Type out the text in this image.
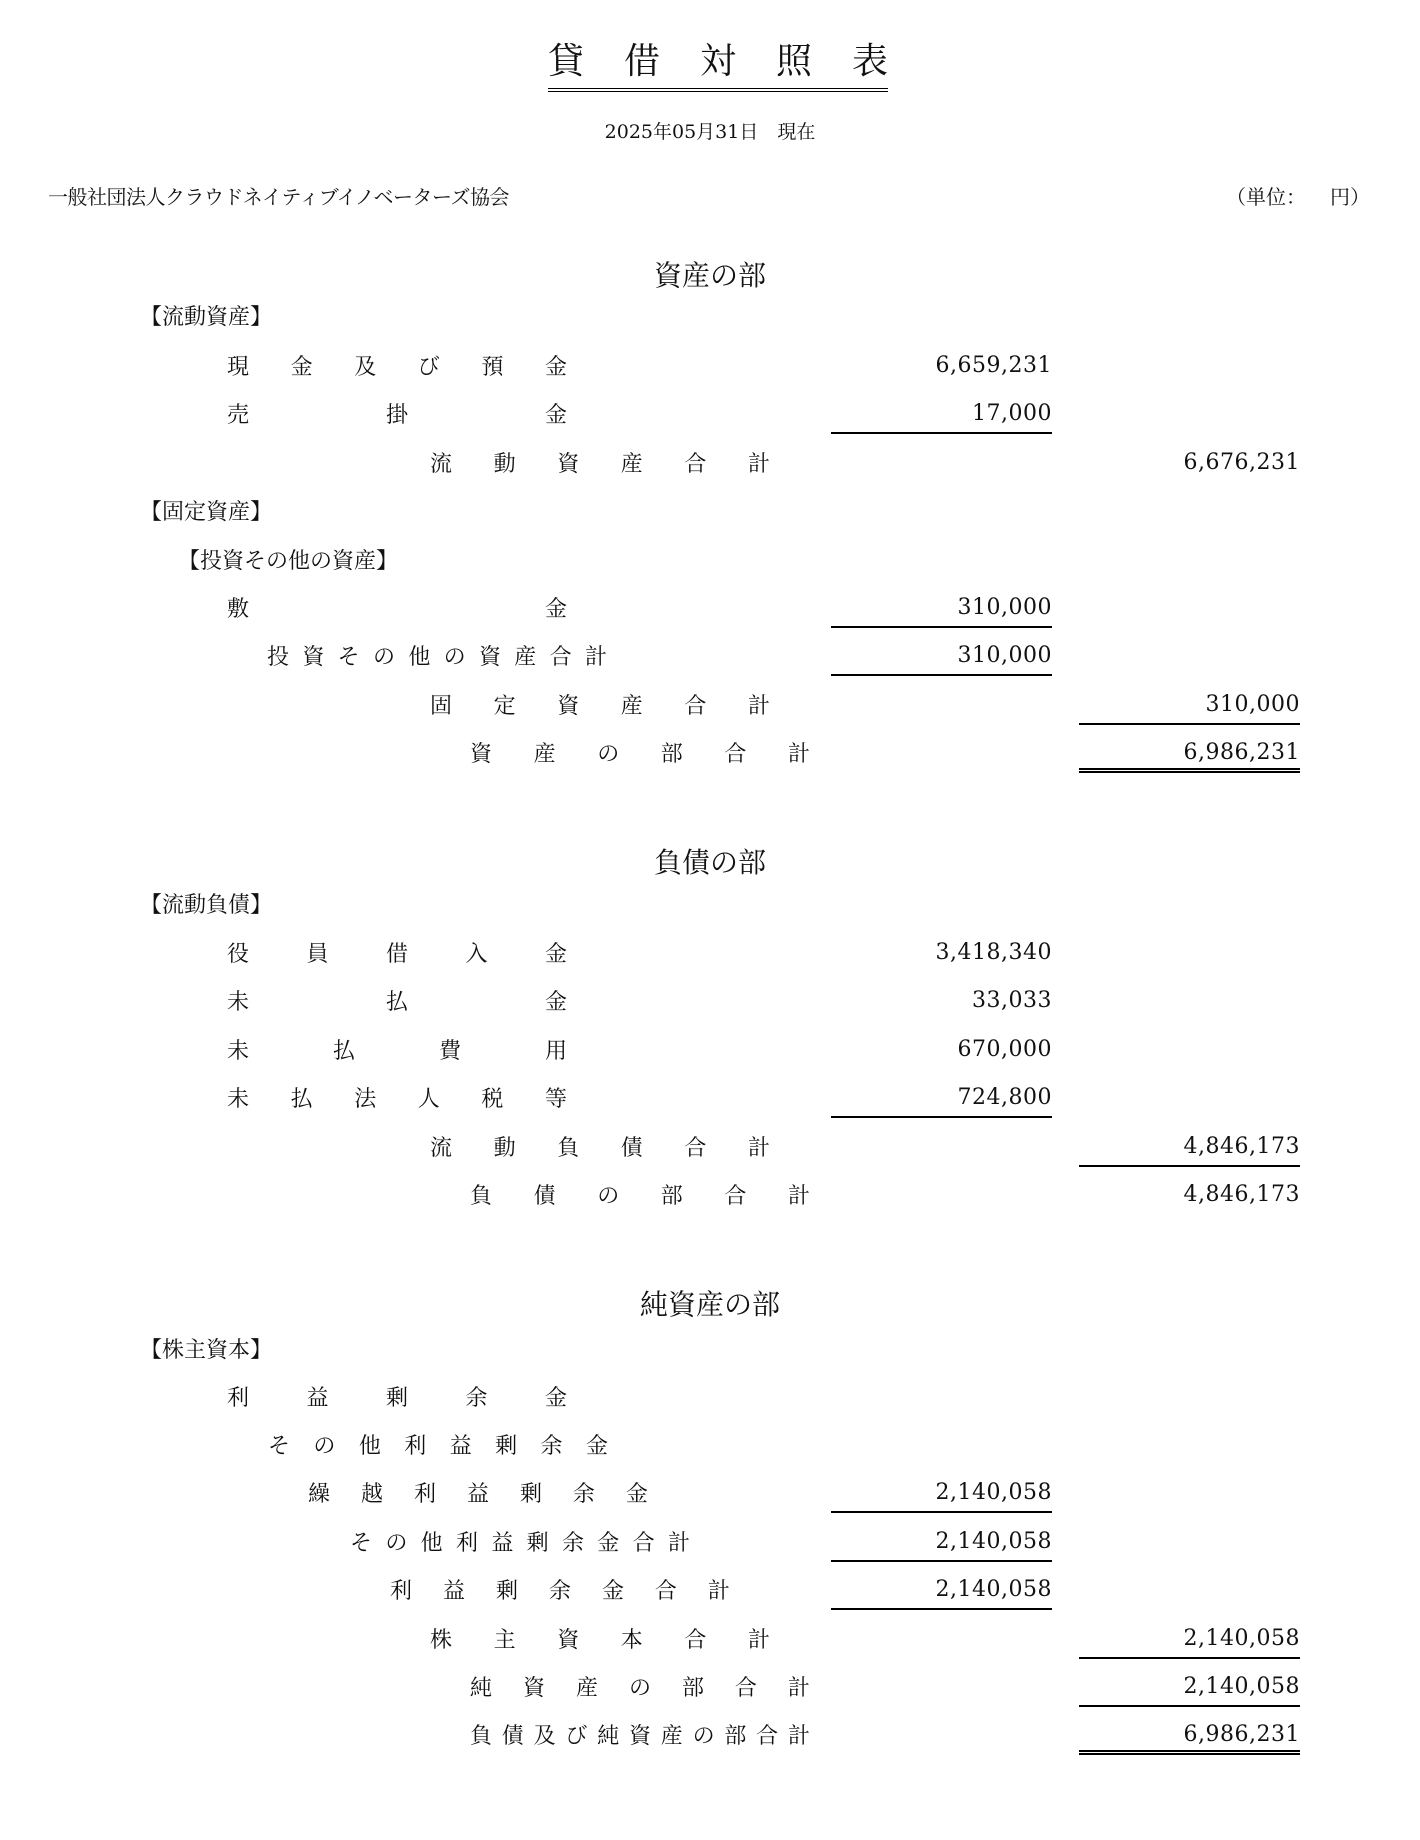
貸 借 対 照 表
2025年05月31日　現在
一般社団法人クラウドネイティブイノベーターズ協会	（単位： 円）
資産の部
【流動資産】
現 金 及 び 預 金	6,659,231
売	掛	金	17,000
流 動 資 産 合 計	6,676,231
【固定資産】
【投資その他の資産】
敷	金	310,000
投 資 そ の 他 の 資 産 合 計	310,000
固 定 資 産 合 計	310,000
資 産 の 部 合 計	6,986,231
負債の部
【流動負債】
役	員	借	入	金	3,418,340
未	払	金	33,033
未	払	費	用	670,000
未 払 法 人 税 等	724,800
流 動 負 債 合 計	4,846,173
負 債 の 部 合 計	4,846,173
純資産の部
【株主資本】
利	益	剰	余	金
そ の 他 利 益 剰 余 金
繰 越 利 益 剰 余 金	2,140,058
そ の 他 利 益 剰 余 金 合 計	2,140,058
利 益 剰 余 金 合 計	2,140,058
株 主 資 本 合 計	2,140,058
純 資 産 の 部 合 計	2,140,058
負 債 及 び 純 資 産 の 部 合 計	6,986,231
